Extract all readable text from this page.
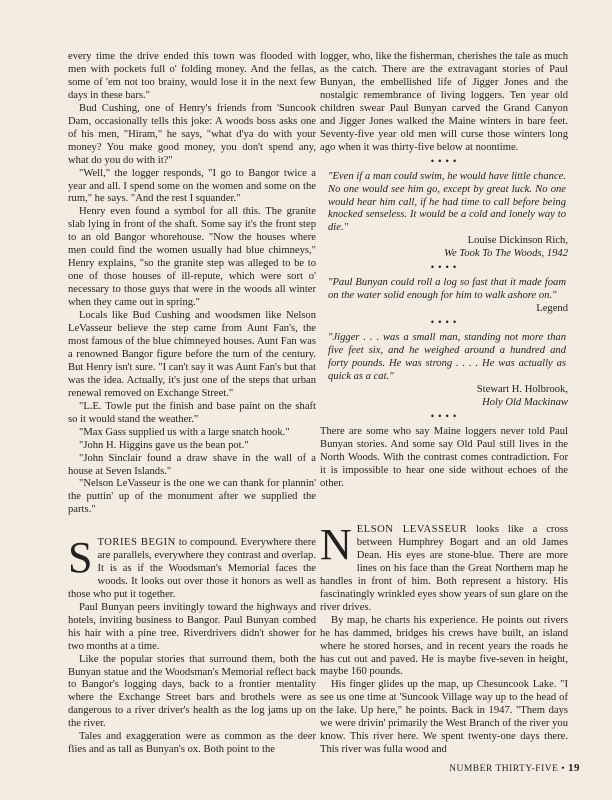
every time the drive ended this town was flooded with men with pockets full o' folding money. And the fellas, some of 'em not too brainy, would lose it in the next few days in these bars."

Bud Cushing, one of Henry's friends from 'Suncook Dam, occasionally tells this joke: A woods boss asks one of his men, "Hiram," he says, "what d'ya do with your money? You make good money, you don't spend any, what do you do with it?"

"Well," the logger responds, "I go to Bangor twice a year and all. I spend some on the women and some on the rum," he says. "And the rest I squander."

Henry even found a symbol for all this. The granite slab lying in front of the shaft. Some say it's the front step to an old Bangor whorehouse. "Now the houses where men could find the women usually had blue chimneys," Henry explains, "so the granite step was alleged to be to one of those houses of ill-repute, which were sort o' necessary to those guys that were in the woods all winter when they came out in spring."

Locals like Bud Cushing and woodsmen like Nelson LeVasseur believe the step came from Aunt Fan's, the most famous of the blue chimneyed houses. Aunt Fan was a renowned Bangor figure before the turn of the century. But Henry isn't sure. "I can't say it was Aunt Fan's but that was the idea. Actually, it's just one of the steps that urban renewal removed on Exchange Street."

"L.E. Towle put the finish and base paint on the shaft so it would stand the weather."

"Max Gass supplied us with a large snatch hook."

"John H. Higgins gave us the bean pot."

"John Sinclair found a draw shave in the wall of a house at Seven Islands."

"Nelson LeVasseur is the one we can thank for plannin' the puttin' up of the monument after we supplied the parts."

logger, who, like the fisherman, cherishes the tale as much as the catch. There are the extravagant stories of Paul Bunyan, the embellished life of Jigger Jones and the nostalgic remembrance of living loggers. Ten year old children swear Paul Bunyan carved the Grand Canyon and Jigger Jones walked the Maine winters in bare feet. Seventy-five year old men will curse those winters long ago when it was thirty-five below at noontime.

• • • •

"Even if a man could swim, he would have little chance. No one would see him go, except by great luck. No one would hear him call, if he had time to call before being knocked senseless. It would be a cold and lonely way to die."

Louise Dickinson Rich,
We Took To The Woods, 1942

• • • •

"Paul Bunyan could roll a log so fast that it made foam on the water solid enough for him to walk ashore on."

Legend

• • • •

"Jigger . . . was a small man, standing not more than five feet six, and he weighed around a hundred and forty pounds. He was strong . . . . He was actually as quick as a cat."

Stewart H. Holbrook,
Holy Old Mackinaw

• • • •

There are some who say Maine loggers never told Paul Bunyan stories. And some say Old Paul still lives in the North Woods. With the contrast comes contradiction. For it is impossible to hear one side without echoes of the other.

STORIES BEGIN to compound. Everywhere there are parallels, everywhere they contrast and overlap. It is as if the Woodsman's Memorial faces the woods. It looks out over those it honors as well as those who put it together.

Paul Bunyan peers invitingly toward the highways and hotels, inviting business to Bangor. Paul Bunyan combed his hair with a pine tree. Riverdrivers didn't shower for two months at a time.

Like the popular stories that surround them, both the Bunyan statue and the Woodsman's Memorial reflect back to Bangor's logging days, back to a frontier mentality where the Exchange Street bars and brothels were as dangerous to a river driver's health as the log jams up on the river.

Tales and exaggeration were as common as the deer flies and as tall as Bunyan's ox. Both point to the

NELSON LEVASSEUR looks like a cross between Humphrey Bogart and an old James Dean. His eyes are stone-blue. There are more lines on his face than the Great Northern map he handles in front of him. Both represent a history. His fascinatingly wrinkled eyes show years of sun glare on the river drives.

By map, he charts his experience. He points out rivers he has dammed, bridges his crews have built, an island where he stored horses, and in recent years the roads he has cut out and paved. He is maybe five-seven in height, maybe 160 pounds.

His finger glides up the map, up Chesuncook Lake. "I see us one time at 'Suncook Village way up to the head of the lake. Up here," he points. Back in 1947. "Them days we were drivin' primarily the West Branch of the river you know. This river here. We spent twenty-one days there. This river was fulla wood and

NUMBER THIRTY-FIVE • 19
